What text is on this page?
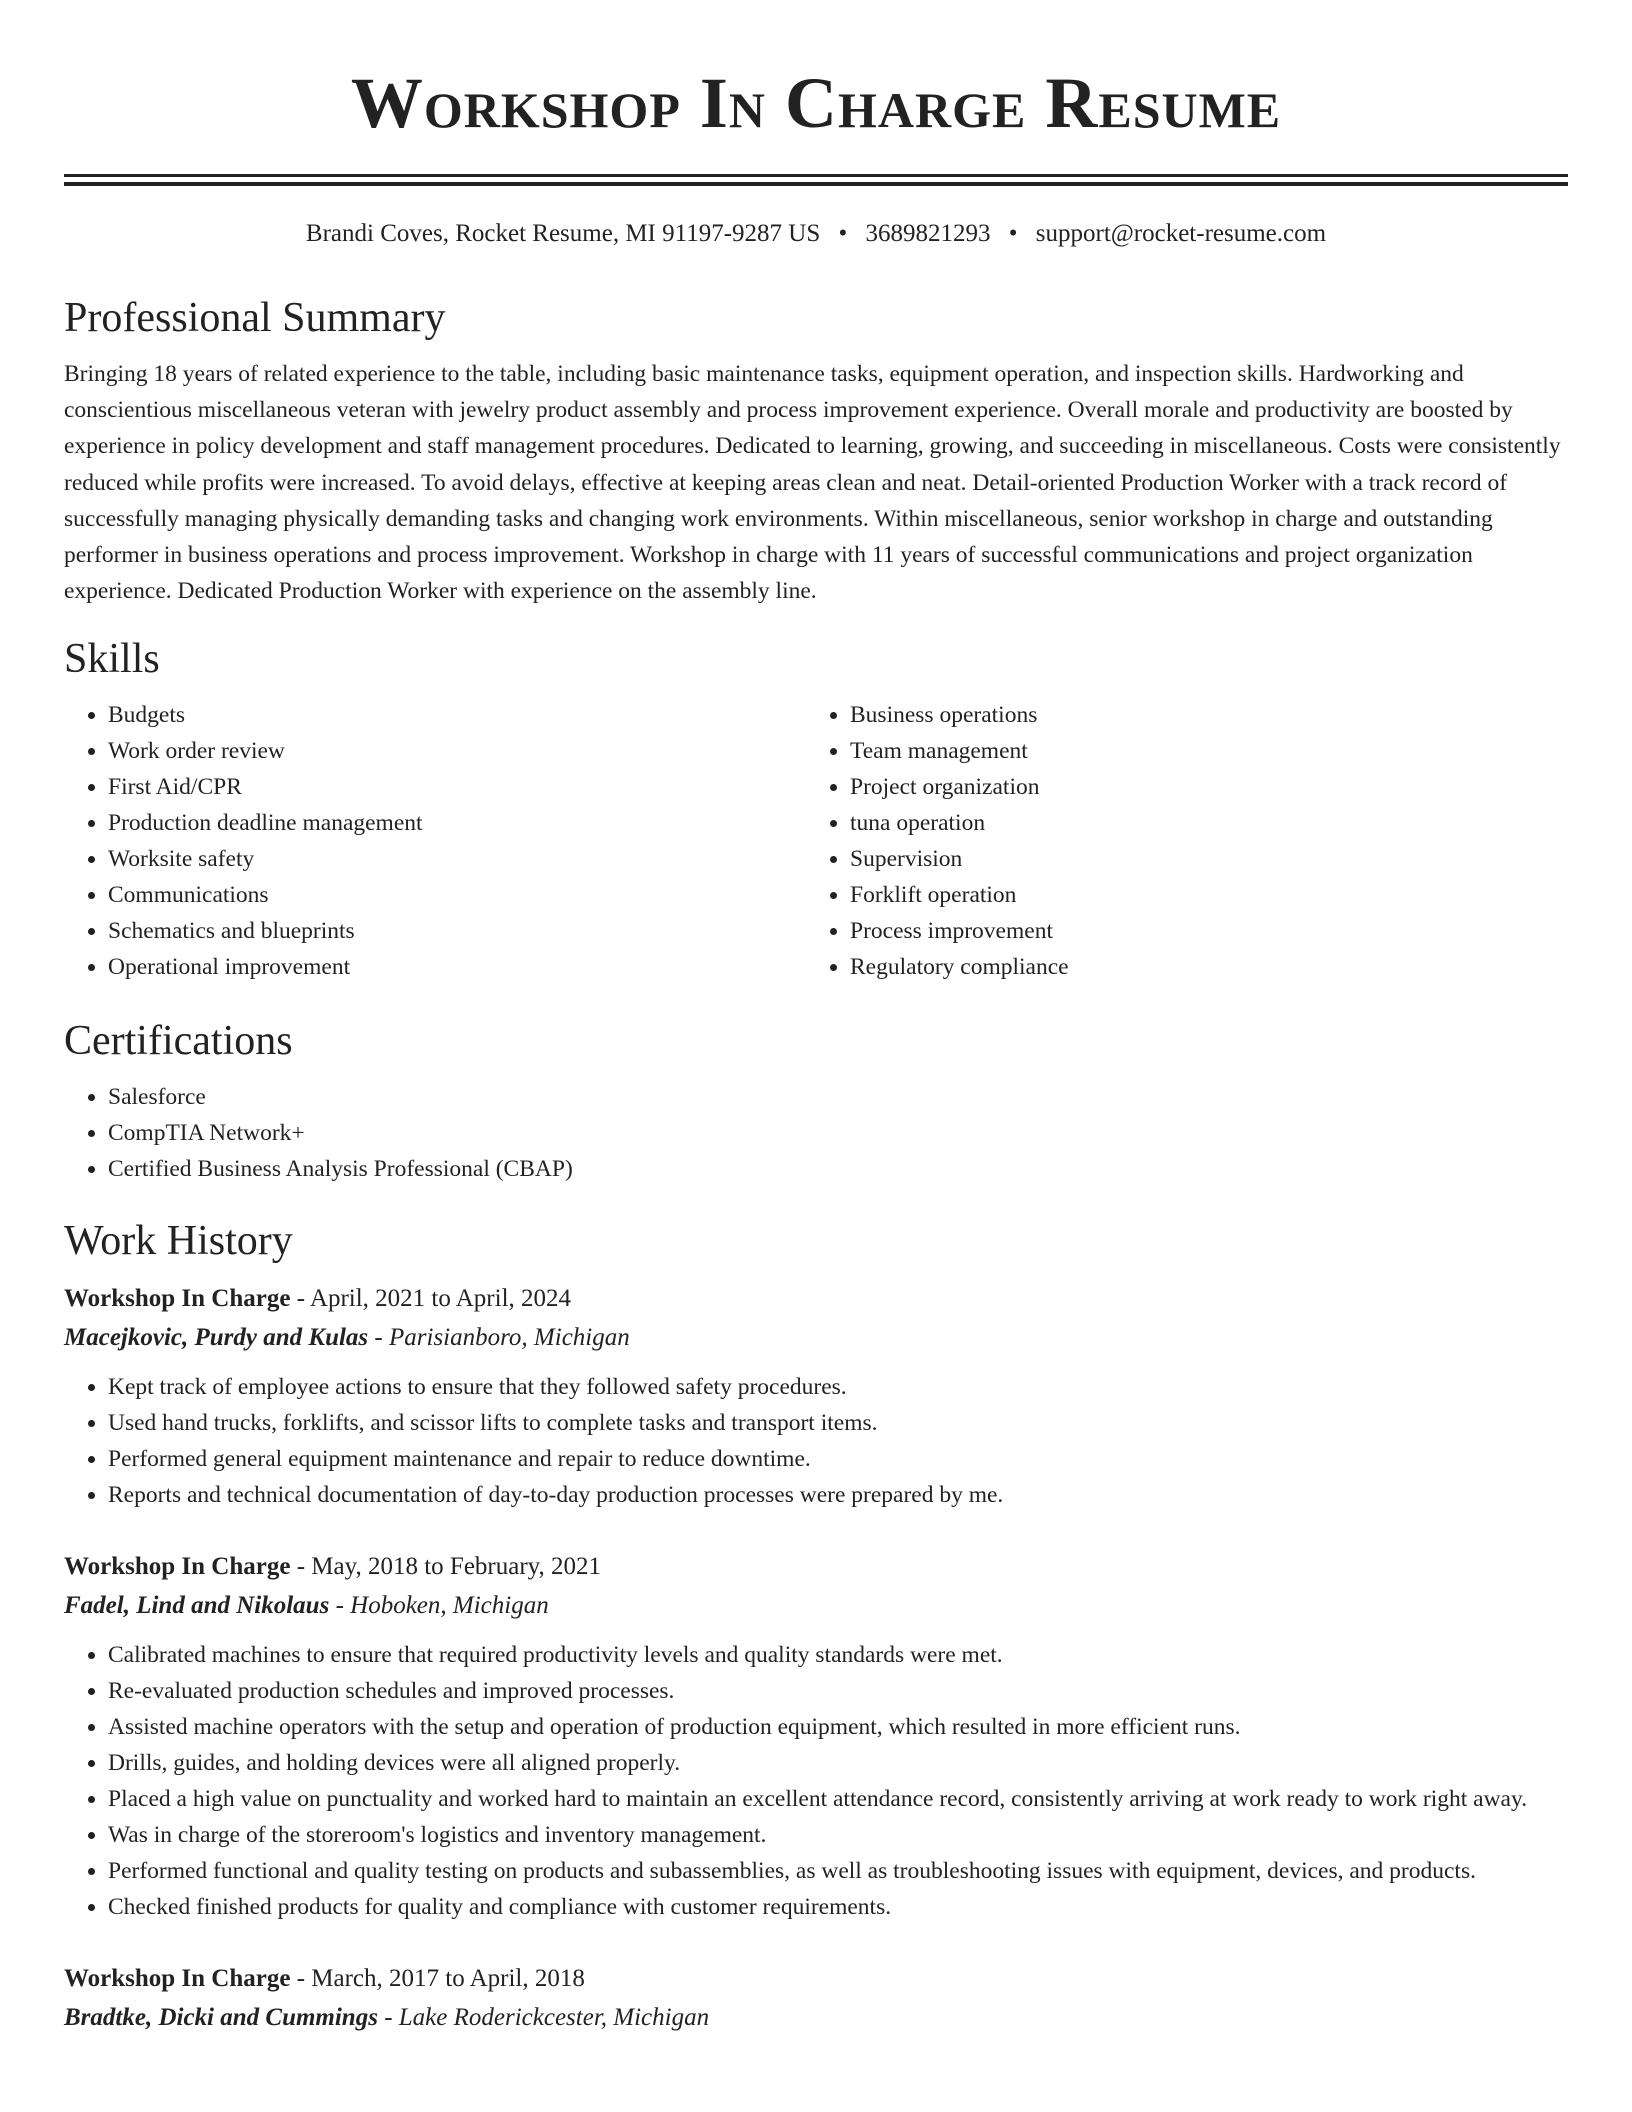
Workshop In Charge Resume
Brandi Coves, Rocket Resume, MI 91197-9287 US • 3689821293 • support@rocket-resume.com
Professional Summary

Bringing 18 years of related experience to the table, including basic maintenance tasks, equipment operation, and inspection skills. Hardworking and conscientious miscellaneous veteran with jewelry product assembly and process improvement experience. Overall morale and productivity are boosted by experience in policy development and staff management procedures. Dedicated to learning, growing, and succeeding in miscellaneous. Costs were consistently reduced while profits were increased. To avoid delays, effective at keeping areas clean and neat. Detail-oriented Production Worker with a track record of successfully managing physically demanding tasks and changing work environments. Within miscellaneous, senior workshop in charge and outstanding performer in business operations and process improvement. Workshop in charge with 11 years of successful communications and project organization experience. Dedicated Production Worker with experience on the assembly line.

Skills
• Budgets
• Work order review
• First Aid/CPR
• Production deadline management
• Worksite safety
• Communications
• Schematics and blueprints
• Operational improvement
• Business operations
• Team management
• Project organization
• tuna operation
• Supervision
• Forklift operation
• Process improvement
• Regulatory compliance
Certifications
• Salesforce
• CompTIA Network+
• Certified Business Analysis Professional (CBAP)
Work History
Workshop In Charge - April, 2021 to April, 2024
Macejkovic, Purdy and Kulas - Parisianboro, Michigan
• Kept track of employee actions to ensure that they followed safety procedures.
• Used hand trucks, forklifts, and scissor lifts to complete tasks and transport items.
• Performed general equipment maintenance and repair to reduce downtime.
• Reports and technical documentation of day-to-day production processes were prepared by me.
Workshop In Charge - May, 2018 to February, 2021
Fadel, Lind and Nikolaus - Hoboken, Michigan
• Calibrated machines to ensure that required productivity levels and quality standards were met.
• Re-evaluated production schedules and improved processes.
• Assisted machine operators with the setup and operation of production equipment, which resulted in more efficient runs.
• Drills, guides, and holding devices were all aligned properly.
• Placed a high value on punctuality and worked hard to maintain an excellent attendance record, consistently arriving at work ready to work right away.
• Was in charge of the storeroom's logistics and inventory management.
• Performed functional and quality testing on products and subassemblies, as well as troubleshooting issues with equipment, devices, and products.
• Checked finished products for quality and compliance with customer requirements.
Workshop In Charge - March, 2017 to April, 2018
Bradtke, Dicki and Cummings - Lake Roderickcester, Michigan
